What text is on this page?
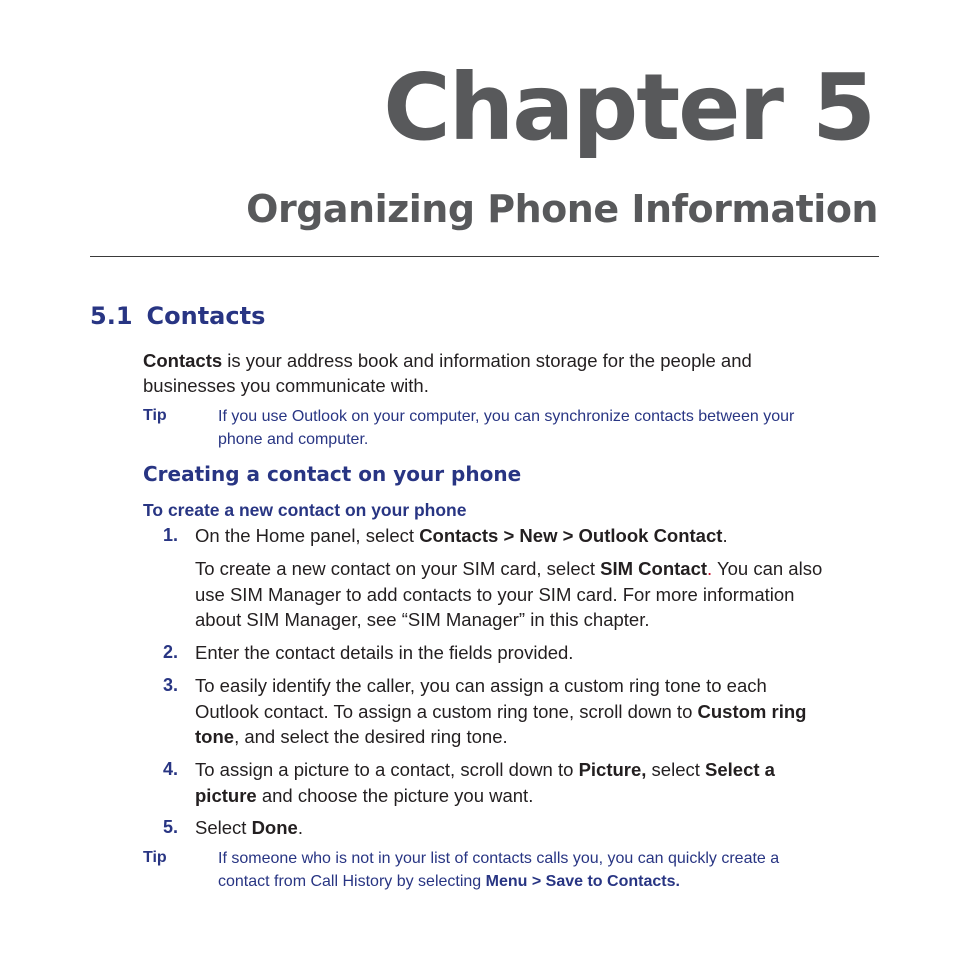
Chapter 5
Organizing Phone Information
5.1 Contacts

Contacts is your address book and information storage for the people and
businesses you communicate with.

Tip	If you use Outlook on your computer, you can synchronize contacts between your
phone and computer.

Creating a contact on your phone
To create a new contact on your phone

1. On the Home panel, select Contacts > New > Outlook Contact.

To create a new contact on your SIM card, select SIM Contact. You can also
use SIM Manager to add contacts to your SIM card. For more information
about SIM Manager, see “SIM Manager” in this chapter.

2. Enter the contact details in the fields provided.

3. To easily identify the caller, you can assign a custom ring tone to each
Outlook contact. To assign a custom ring tone, scroll down to Custom ring
tone, and select the desired ring tone.

4. To assign a picture to a contact, scroll down to Picture, select Select a
picture and choose the picture you want.

5. Select Done.

Tip	If someone who is not in your list of contacts calls you, you can quickly create a
contact from Call History by selecting Menu > Save to Contacts.
